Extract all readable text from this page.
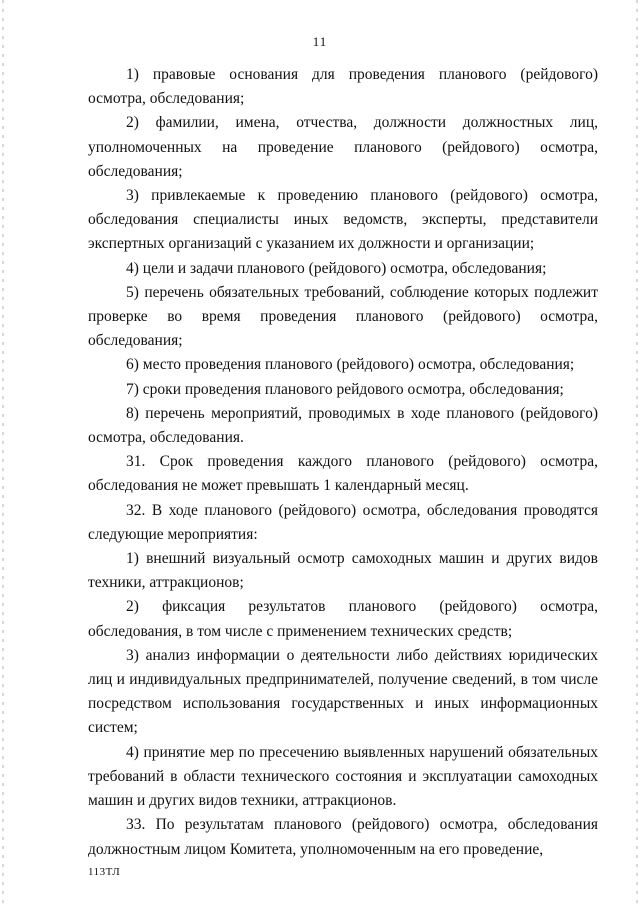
11

1) правовые основания для проведения планового (рейдового) осмотра, обследования;

2) фамилии, имена, отчества, должности должностных лиц, уполномоченных на проведение планового (рейдового) осмотра, обследования;

3) привлекаемые к проведению планового (рейдового) осмотра, обследования специалисты иных ведомств, эксперты, представители экспертных организаций с указанием их должности и организации;

4) цели и задачи планового (рейдового) осмотра, обследования;

5) перечень обязательных требований, соблюдение которых подлежит проверке во время проведения планового (рейдового) осмотра, обследования;

6) место проведения планового (рейдового) осмотра, обследования;

7) сроки проведения планового рейдового осмотра, обследования;

8) перечень мероприятий, проводимых в ходе планового (рейдового) осмотра, обследования.

31. Срок проведения каждого планового (рейдового) осмотра, обследования не может превышать 1 календарный месяц.

32. В ходе планового (рейдового) осмотра, обследования проводятся следующие мероприятия:

1) внешний визуальный осмотр самоходных машин и других видов техники, аттракционов;

2) фиксация результатов планового (рейдового) осмотра, обследования, в том числе с применением технических средств;

3) анализ информации о деятельности либо действиях юридических лиц и индивидуальных предпринимателей, получение сведений, в том числе посредством использования государственных и иных информационных систем;

4) принятие мер по пресечению выявленных нарушений обязательных требований в области технического состояния и эксплуатации самоходных машин и других видов техники, аттракционов.

33. По результатам планового (рейдового) осмотра, обследования должностным лицом Комитета, уполномоченным на его проведение,

113ТЛ
